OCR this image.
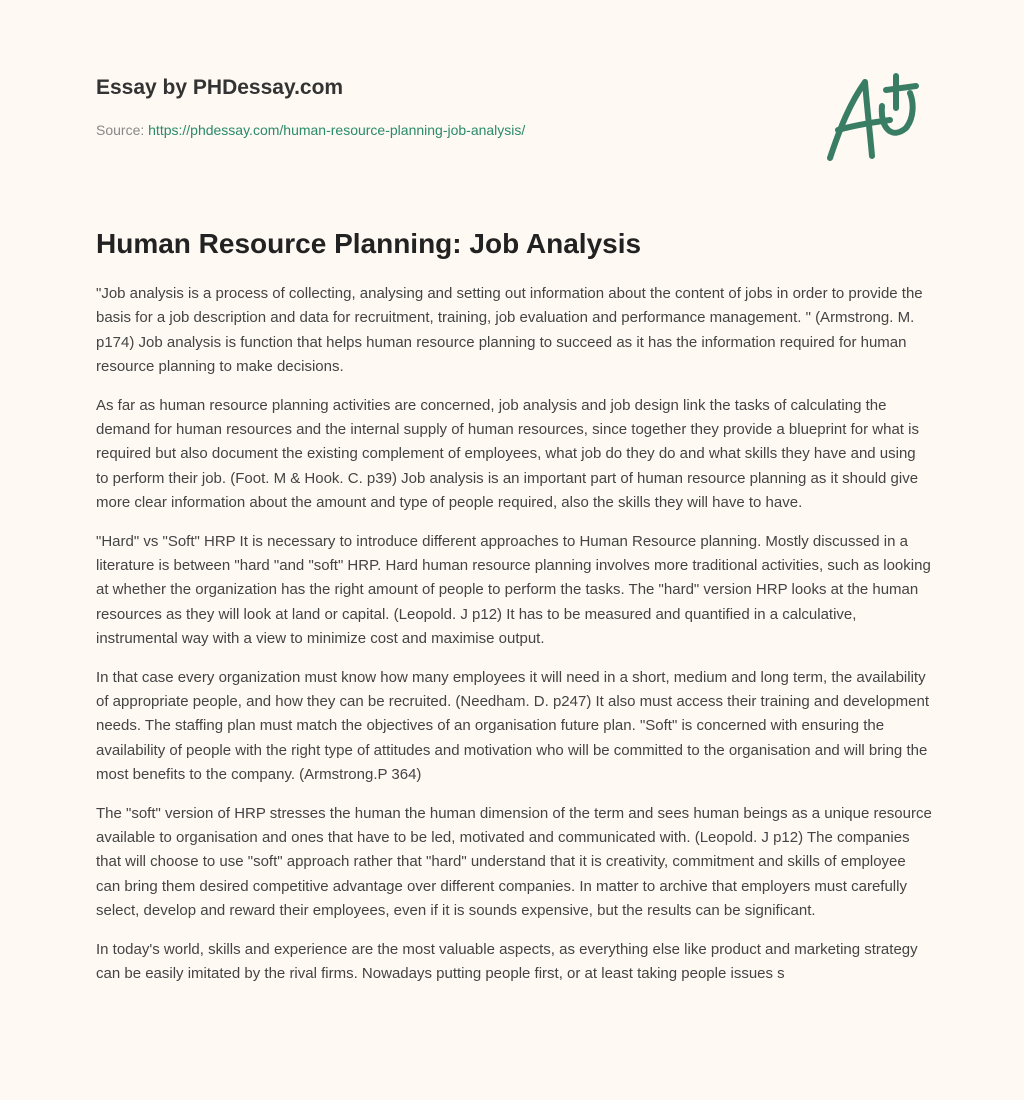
Essay by PHDessay.com
Source: https://phdessay.com/human-resource-planning-job-analysis/
Human Resource Planning: Job Analysis

"Job analysis is a process of collecting, analysing and setting out information about the content of jobs in order to provide the basis for a job description and data for recruitment, training, job evaluation and performance management. " (Armstrong. M. p174) Job analysis is function that helps human resource planning to succeed as it has the information required for human resource planning to make decisions.

As far as human resource planning activities are concerned, job analysis and job design link the tasks of calculating the demand for human resources and the internal supply of human resources, since together they provide a blueprint for what is required but also document the existing complement of employees, what job do they do and what skills they have and using to perform their job. (Foot. M & Hook. C. p39) Job analysis is an important part of human resource planning as it should give more clear information about the amount and type of people required, also the skills they will have to have.

"Hard" vs "Soft" HRP It is necessary to introduce different approaches to Human Resource planning. Mostly discussed in a literature is between "hard "and "soft" HRP. Hard human resource planning involves more traditional activities, such as looking at whether the organization has the right amount of people to perform the tasks. The "hard" version HRP looks at the human resources as they will look at land or capital. (Leopold. J p12) It has to be measured and quantified in a calculative, instrumental way with a view to minimize cost and maximise output.

In that case every organization must know how many employees it will need in a short, medium and long term, the availability of appropriate people, and how they can be recruited. (Needham. D. p247) It also must access their training and development needs. The staffing plan must match the objectives of an organisation future plan. "Soft" is concerned with ensuring the availability of people with the right type of attitudes and motivation who will be committed to the organisation and will bring the most benefits to the company. (Armstrong.P 364)

The "soft" version of HRP stresses the human the human dimension of the term and sees human beings as a unique resource available to organisation and ones that have to be led, motivated and communicated with. (Leopold. J p12) The companies that will choose to use "soft" approach rather that "hard" understand that it is creativity, commitment and skills of employee can bring them desired competitive advantage over different companies. In matter to archive that employers must carefully select, develop and reward their employees, even if it is sounds expensive, but the results can be significant.

In today's world, skills and experience are the most valuable aspects, as everything else like product and marketing strategy can be easily imitated by the rival firms. Nowadays putting people first, or at least taking people issues s
